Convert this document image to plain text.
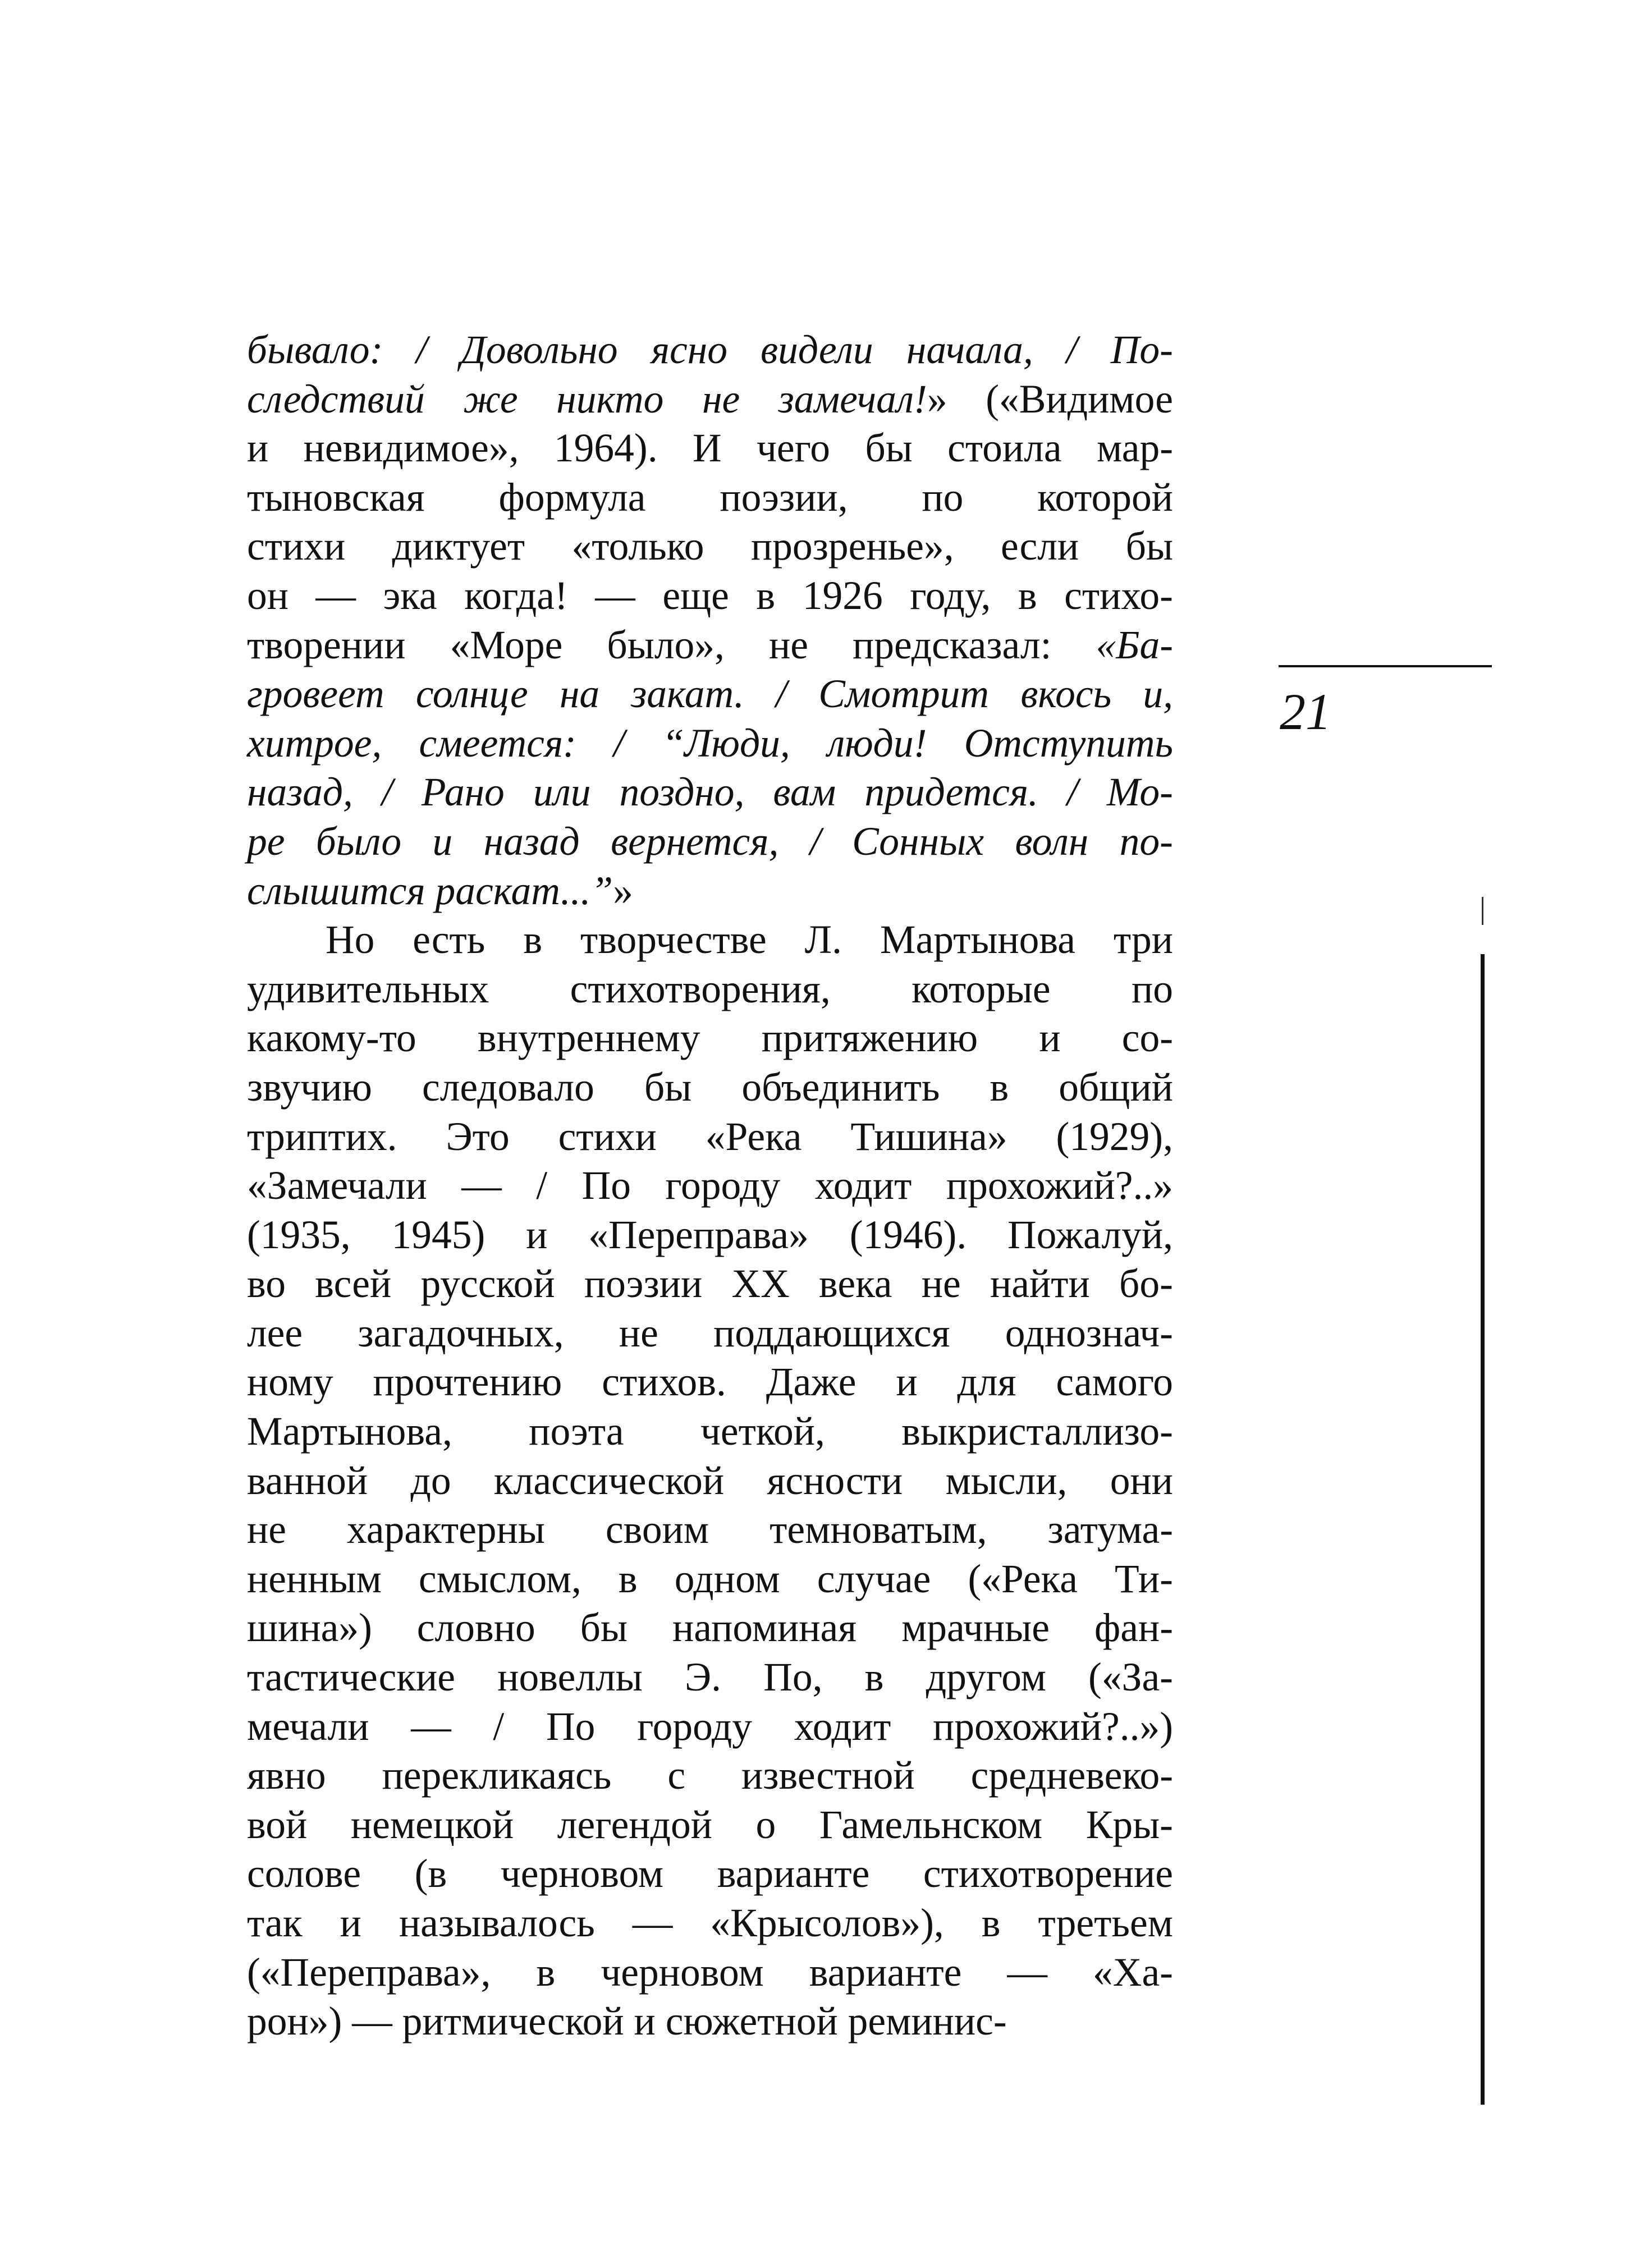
бывало: / Довольно ясно видели начала, / По-
следствий же никто не замечал!» («Видимое
и невидимое», 1964). И чего бы стоила мар-
тыновская формула поэзии, по которой
стихи диктует «только прозренье», если бы
он — эка когда! — еще в 1926 году, в стихо-
творении «Море было», не предсказал: «Ба-
гровеет солнце на закат. / Смотрит вкось и,
хитрое, смеется: / “Люди, люди! Отступить
назад, / Рано или поздно, вам придется. / Мо-
ре было и назад вернется, / Сонных волн по-
слышится раскат...”»
Но есть в творчестве Л. Мартынова три
удивительных стихотворения, которые по
какому-то внутреннему притяжению и со-
звучию следовало бы объединить в общий
триптих. Это стихи «Река Тишина» (1929),
«Замечали — / По городу ходит прохожий?..»
(1935, 1945) и «Переправа» (1946). Пожалуй,
во всей русской поэзии XX века не найти бо-
лее загадочных, не поддающихся однознач-
ному прочтению стихов. Даже и для самого
Мартынова, поэта четкой, выкристаллизо-
ванной до классической ясности мысли, они
не характерны своим темноватым, затума-
ненным смыслом, в одном случае («Река Ти-
шина») словно бы напоминая мрачные фан-
тастические новеллы Э. По, в другом («За-
мечали — / По городу ходит прохожий?..»)
явно перекликаясь с известной средневеко-
вой немецкой легендой о Гамельнском Кры-
солове (в черновом варианте стихотворение
так и называлось — «Крысолов»), в третьем
(«Переправа», в черновом варианте — «Ха-
рон») — ритмической и сюжетной реминис-
21
